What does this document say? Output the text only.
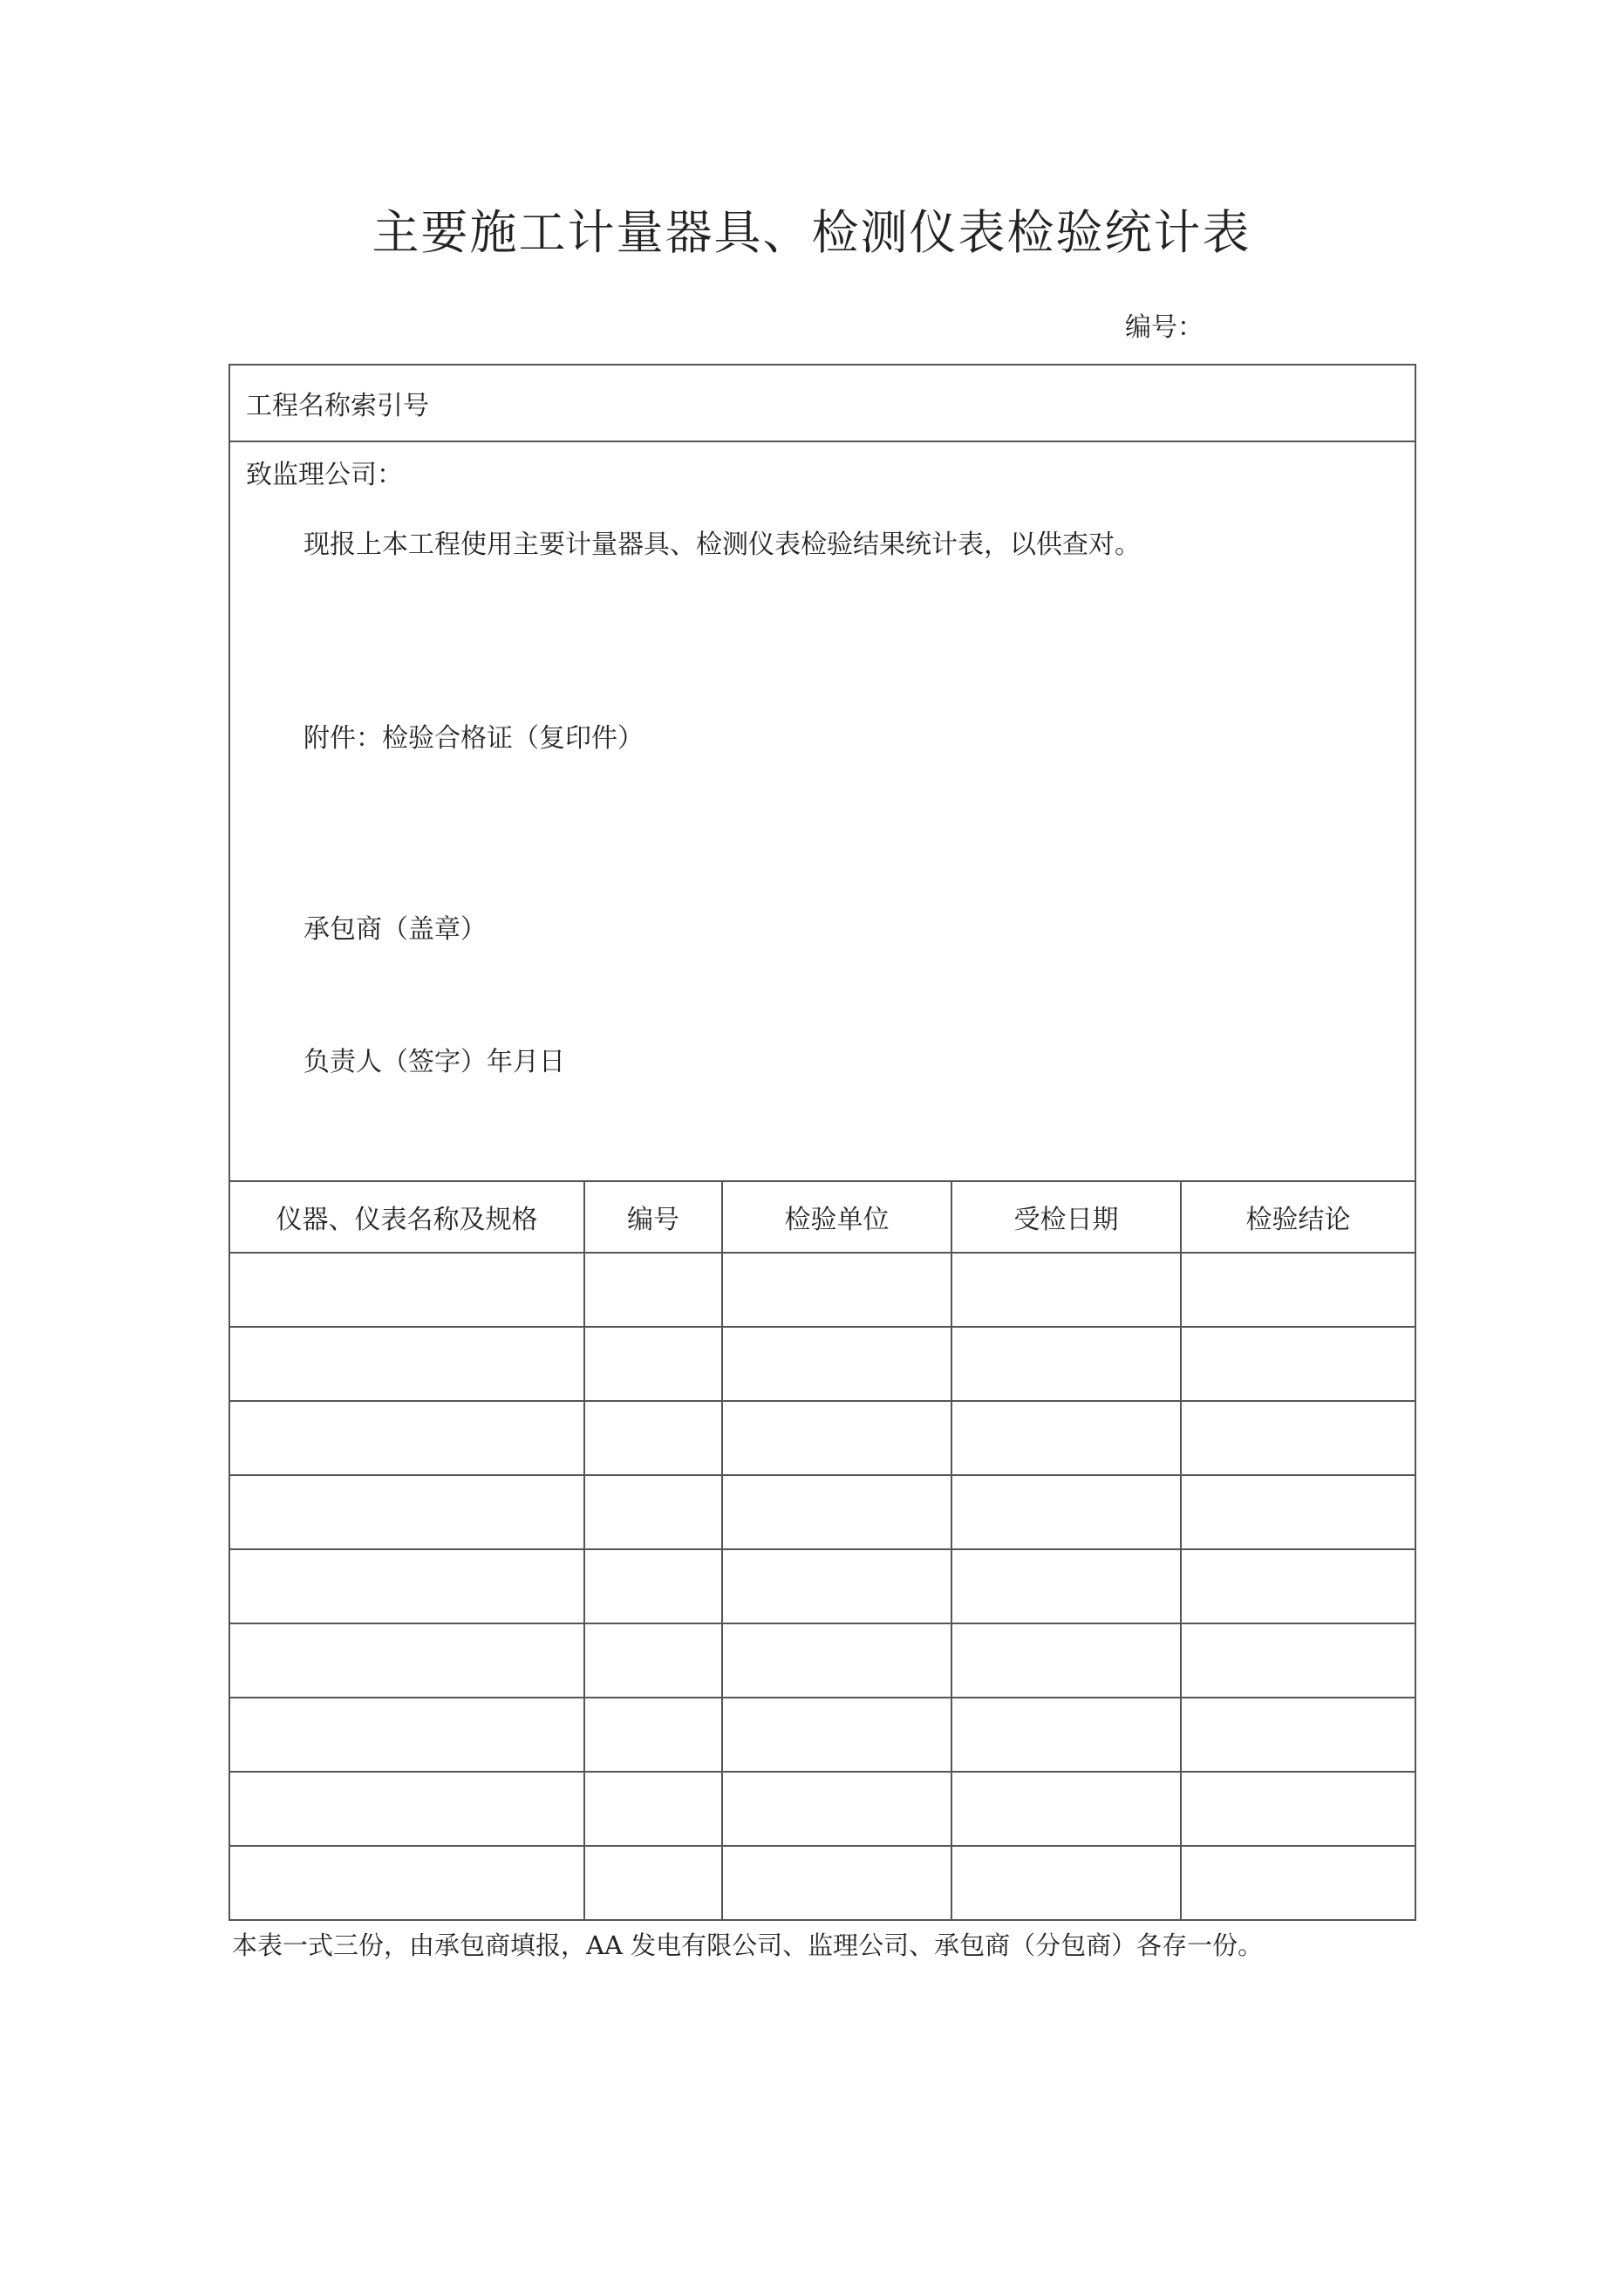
主要施工计量器具、检测仪表检验统计表
编号：
工程名称索引号				

致监理公司：
现报上本工程使用主要计量器具、检测仪表检验结果统计表，以供查对。
附件：检验合格证（复印件）
承包商（盖章）
负责人（签字）年月日				

仪器、仪表名称及规格	编号	检验单位	受检日期	检验结论

本表一式三份，由承包商填报，AA 发电有限公司、监理公司、承包商（分包商）各存一份。
